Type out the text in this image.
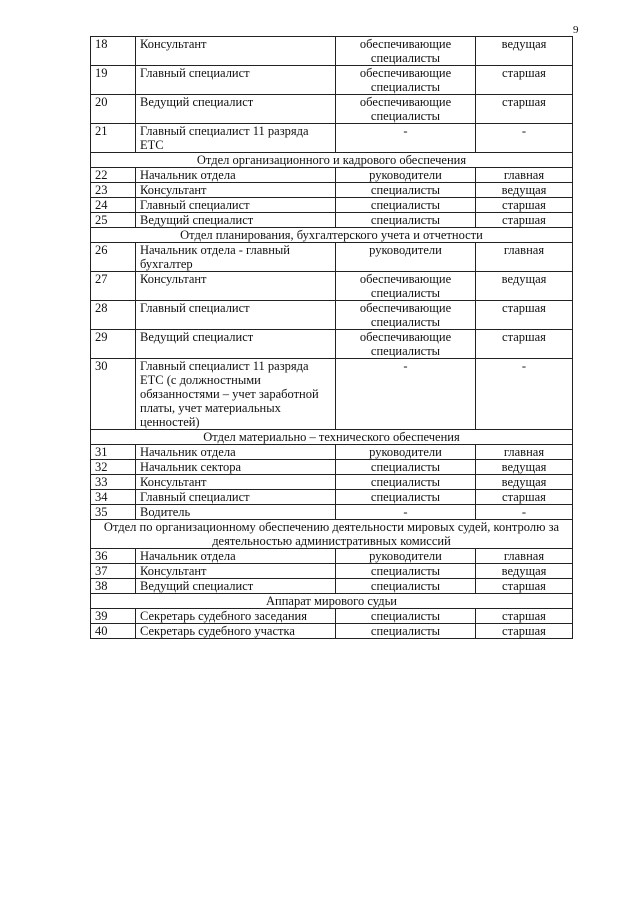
9
18	Консультант	обеспечивающие специалисты	ведущая
19	Главный специалист	обеспечивающие специалисты	старшая
20	Ведущий специалист	обеспечивающие специалисты	старшая
21	Главный специалист 11 разряда ЕТС	-	-
Отдел организационного и кадрового обеспечения			
22	Начальник отдела	руководители	главная
23	Консультант	специалисты	ведущая
24	Главный специалист	специалисты	старшая
25	Ведущий специалист	специалисты	старшая
Отдел планирования, бухгалтерского учета и отчетности			
26	Начальник отдела - главный бухгалтер	руководители	главная
27	Консультант	обеспечивающие специалисты	ведущая
28	Главный специалист	обеспечивающие специалисты	старшая
29	Ведущий специалист	обеспечивающие специалисты	старшая
30	Главный специалист 11 разряда ЕТС (с должностными обязанностями – учет заработной платы, учет материальных ценностей)	-	-
Отдел материально – технического обеспечения			
31	Начальник отдела	руководители	главная
32	Начальник сектора	специалисты	ведущая
33	Консультант	специалисты	ведущая
34	Главный специалист	специалисты	старшая
35	Водитель	-	-
Отдел по организационному обеспечению деятельности мировых судей, контролю за деятельностью административных комиссий			
36	Начальник отдела	руководители	главная
37	Консультант	специалисты	ведущая
38	Ведущий специалист	специалисты	старшая
Аппарат мирового судьи			
39	Секретарь судебного заседания	специалисты	старшая
40	Секретарь судебного участка	специалисты	старшая
